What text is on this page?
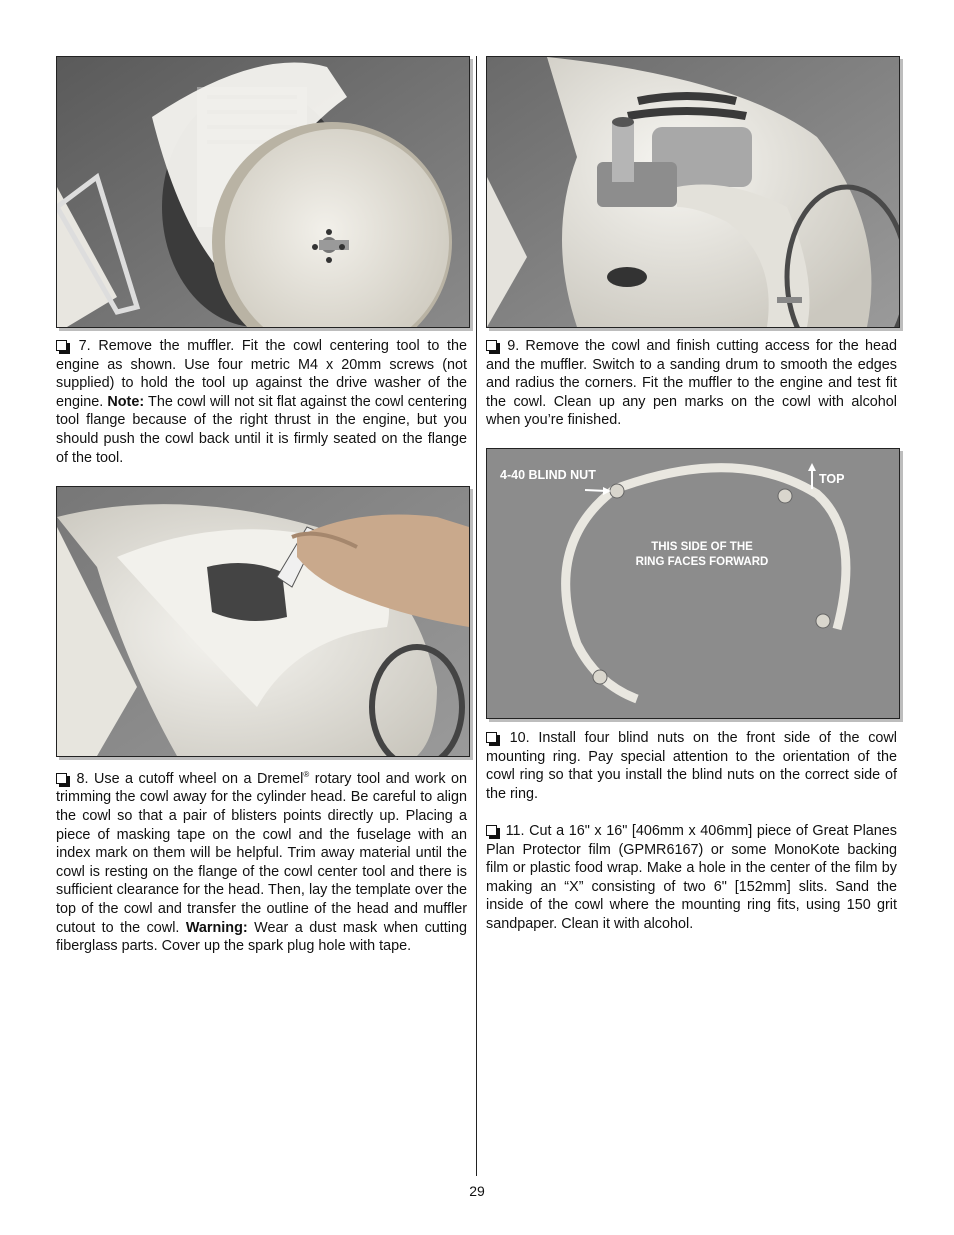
4-40 BLIND NUT	TOP
THIS SIDE OF THE
RING FACES FORWARD

7. Remove the muffler. Fit the cowl centering tool to the engine as shown. Use four metric M4 x 20mm screws (not supplied) to hold the tool up against the drive washer of the engine. Note: The cowl will not sit flat against the cowl centering tool flange because of the right thrust in the engine, but you should push the cowl back until it is firmly seated on the flange of the tool.

8. Use a cutoff wheel on a Dremel® rotary tool and work on trimming the cowl away for the cylinder head. Be careful to align the cowl so that a pair of blisters points directly up. Placing a piece of masking tape on the cowl and the fuselage with an index mark on them will be helpful. Trim away material until the cowl is resting on the flange of the cowl center tool and there is sufficient clearance for the head. Then, lay the template over the top of the cowl and transfer the outline of the head and muffler cutout to the cowl. Warning: Wear a dust mask when cutting fiberglass parts. Cover up the spark plug hole with tape.

9. Remove the cowl and finish cutting access for the head and the muffler. Switch to a sanding drum to smooth the edges and radius the corners. Fit the muffler to the engine and test fit the cowl. Clean up any pen marks on the cowl with alcohol when you’re finished.

10. Install four blind nuts on the front side of the cowl mounting ring. Pay special attention to the orientation of the cowl ring so that you install the blind nuts on the correct side of the ring.

11. Cut a 16" x 16" [406mm x 406mm] piece of Great Planes Plan Protector film (GPMR6167) or some MonoKote backing film or plastic food wrap. Make a hole in the center of the film by making an “X” consisting of two 6" [152mm] slits. Sand the inside of the cowl where the mounting ring fits, using 150 grit sandpaper. Clean it with alcohol.

29
